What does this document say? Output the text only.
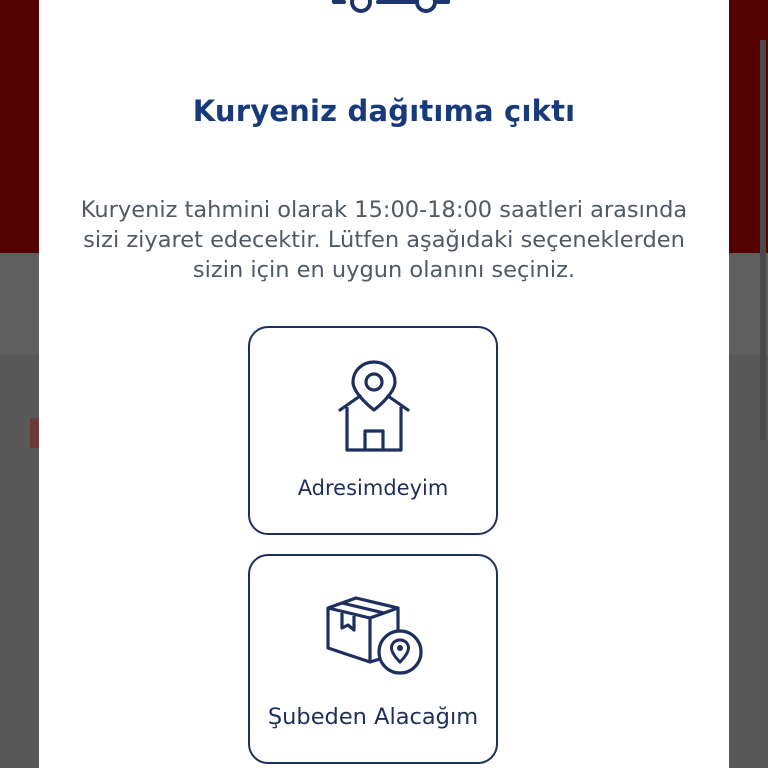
Kuryeniz dağıtıma çıktı
Kuryeniz tahmini olarak 15:00-18:00 saatleri arasında
sizi ziyaret edecektir. Lütfen aşağıdaki seçeneklerden
sizin için en uygun olanını seçiniz.
Adresimdeyim
Şubeden Alacağım
